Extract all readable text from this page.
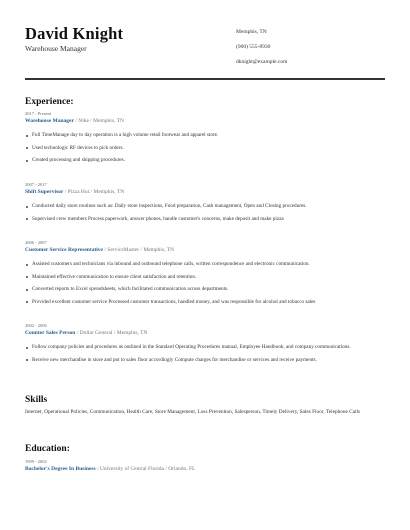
David Knight
Warehouse Manager
Memphis, TN
(900) 555-8930
dknight@example.com
Experience:
2017 - Present
Warehouse Manager / Nike / Memphis, TN
Full TimeManage day to day operation is a high volume retail footwear and apparel store.
Used technologic RF devices to pick orders.
Created processing and shipping procedures.
2007 - 2017
Shift Supervisor / Pizza Hut / Memphis, TN
Conducted daily store routines such as: Daily store inspections, Food preparation, Cash management, Open and Closing procedures.
Supervised crew members Process paperwork, answer phones, handle customer's concerns, make deposit and make pizza
2006 - 2007
Customer Service Representative / ServiceMaster / Memphis, TN
Assisted customers and technicians via inbound and outbound telephone calls, written correspondence and electronic communication.
Maintained effective communication to ensure client satisfaction and retention.
Converted reports to Excel spreadsheets, which facilitated communication across departments.
Provided excellent customer service Processed customer transactions, handled money, and was responsible for alcohol and tobacco sales
2002 - 2006
Counter Sales Person / Dollar General / Memphis, TN
Follow company policies and procedures as outlined in the Standard Operating Procedures manual, Employee Handbook, and company communications.
Receive new merchandise in store and put to sales floor accordingly Compute charges for merchandise or services and receive payments.
Skills
Internet, Operational Policies, Communication, Health Care, Store Management, Loss Prevention, Salesperson, Timely Delivery, Sales Floor, Telephone Calls
Education:
1999 - 2002
Bachelor's Degree In Business / University of Central Florida / Orlando, FL
